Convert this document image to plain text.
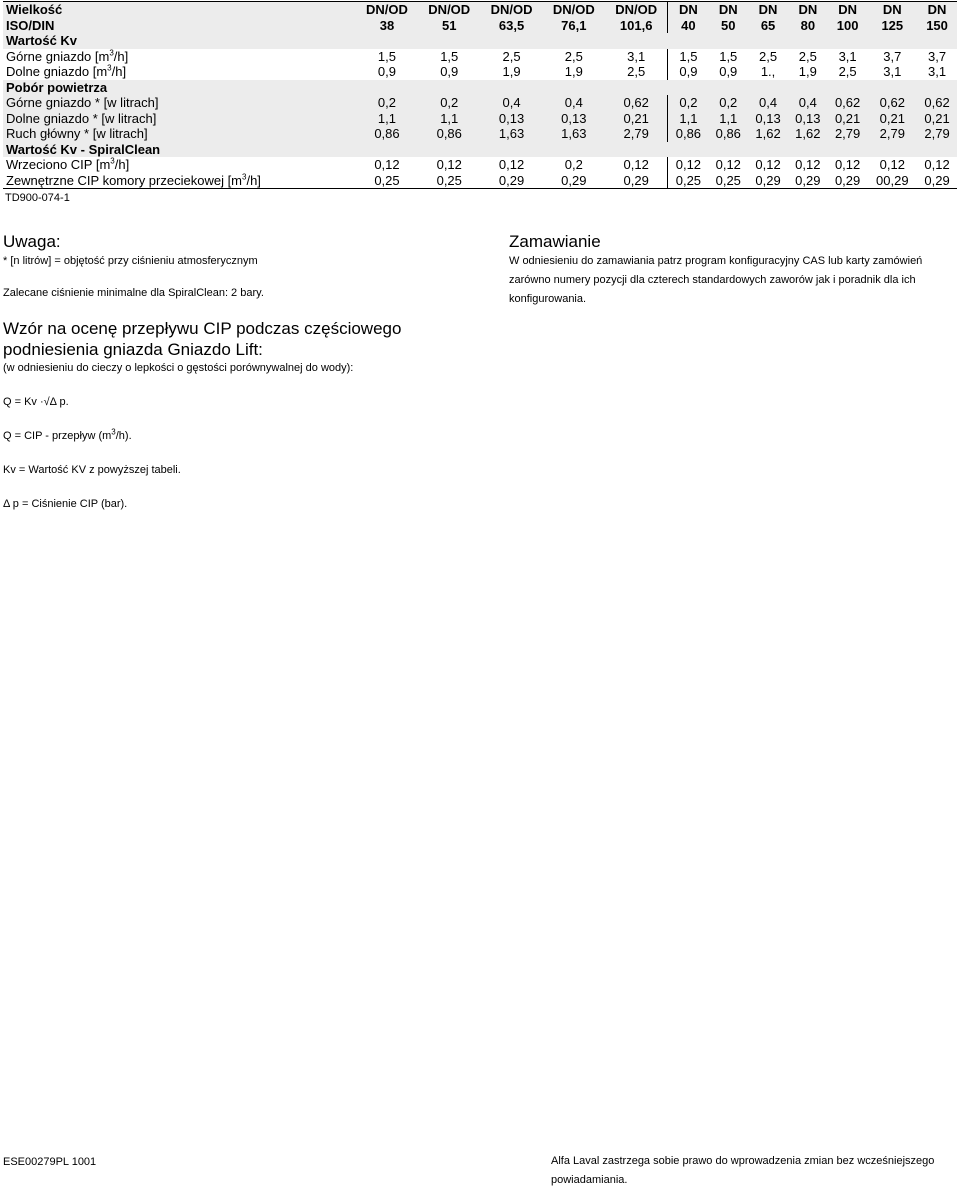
Wielkość	DN/OD	DN/OD	DN/OD	DN/OD	DN/OD	DN	DN	DN	DN	DN	DN	DN
ISO/DIN	38	51	63,5	76,1	101,6	40	50	65	80	100	125	150
Wartość Kv												
Górne gniazdo $[m^3/h]$	1,5	1,5	2,5	2,5	3,1	1,5	1,5	2,5	2,5	3,1	3,7	3,7
Dolne gniazdo $[m^3/h]$	0,9	0,9	1,9	1,9	2,5	0,9	0,9	1.,	1,9	2,5	3,1	3,1
Pobór powietrza												
Górne gniazdo * [w litrach]	0,2	0,2	0,4	0,4	0,62	0,2	0,2	0,4	0,4	0,62	0,62	0,62
Dolne gniazdo * [w litrach]	1,1	1,1	0,13	0,13	0,21	1,1	1,1	0,13	0,13	0,21	0,21	0,21
Ruch główny * [w litrach]	0,86	0,86	1,63	1,63	2,79	0,86	0,86	1,62	1,62	2,79	2,79	2,79
Wartość Kv - SpiralClean												
Wrzeciono CIP $[m^3/h]$	0,12	0,12	0,12	0,2	0,12	0,12	0,12	0,12	0,12	0,12	0,12	0,12
Zewnętrzne CIP komory przeciekowej $[m^3/h]$	0,25	0,25	0,29	0,29	0,29	0,25	0,25	0,29	0,29	0,29	00,29	0,29
TD900-074-1
Uwaga:
* [n litrów] = objętość przy ciśnieniu atmosferycznym
Zalecane ciśnienie minimalne dla SpiralClean: 2 bary.
Wzór na ocenę przepływu CIP podczas częściowego podniesienia gniazda Gniazdo Lift:
(w odniesieniu do cieczy o lepkości o gęstości porównywalnej do wody):
Q = Kv ·√Δ p.
Q = CIP - przepływ $(m^3/h)$.
Kv = Wartość KV z powyższej tabeli.
Δ p = Ciśnienie CIP (bar).
Zamawianie
W odniesieniu do zamawiania patrz program konfiguracyjny CAS lub karty zamówień zarówno numery pozycji dla czterech standardowych zaworów jak i poradnik dla ich konfigurowania.
ESE00279PL 1001	Alfa Laval zastrzega sobie prawo do wprowadzenia zmian bez wcześniejszego powiadamiania.
